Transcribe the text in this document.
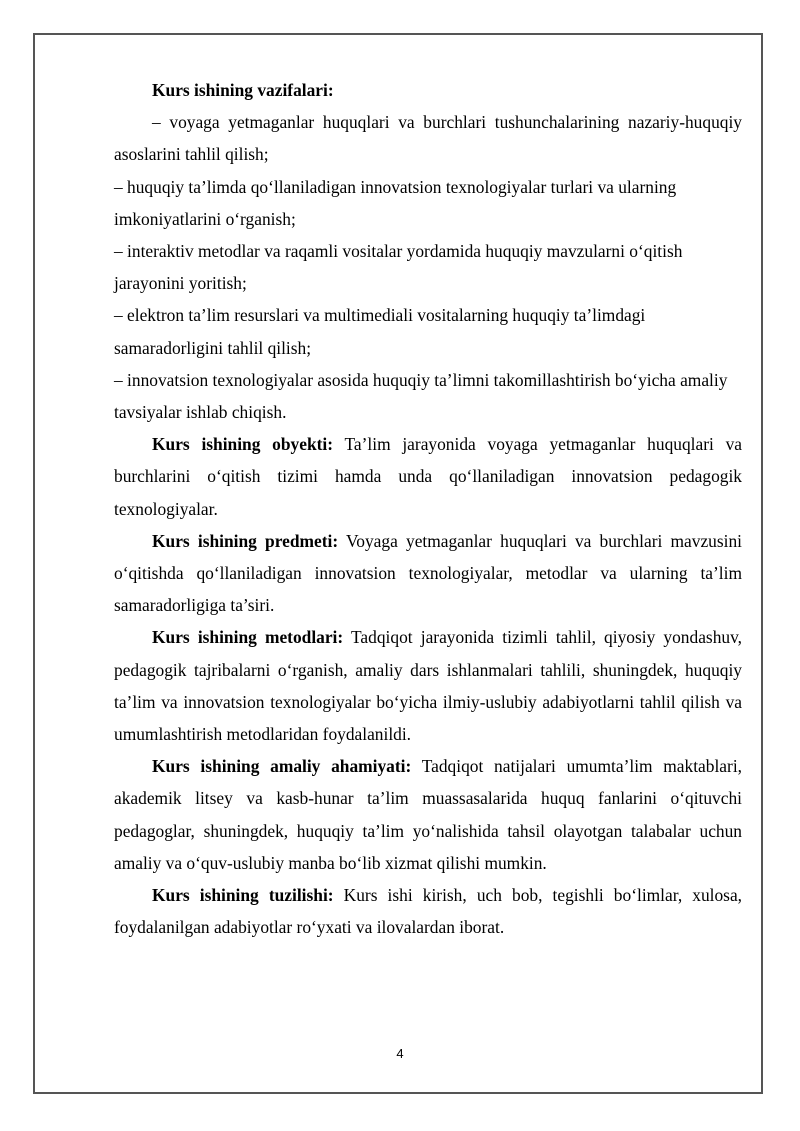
Kurs ishining vazifalari:

– voyaga yetmaganlar huquqlari va burchlari tushunchalarining nazariy-huquqiy asoslarini tahlil qilish;

– huquqiy ta’limda qo‘llaniladigan innovatsion texnologiyalar turlari va ularning imkoniyatlarini o‘rganish;

– interaktiv metodlar va raqamli vositalar yordamida huquqiy mavzularni o‘qitish jarayonini yoritish;

– elektron ta’lim resurslari va multimediali vositalarning huquqiy ta’limdagi samaradorligini tahlil qilish;

– innovatsion texnologiyalar asosida huquqiy ta’limni takomillashtirish bo‘yicha amaliy tavsiyalar ishlab chiqish.

Kurs ishining obyekti: Ta’lim jarayonida voyaga yetmaganlar huquqlari va burchlarini o‘qitish tizimi hamda unda qo‘llaniladigan innovatsion pedagogik texnologiyalar.

Kurs ishining predmeti: Voyaga yetmaganlar huquqlari va burchlari mavzusini o‘qitishda qo‘llaniladigan innovatsion texnologiyalar, metodlar va ularning ta’lim samaradorligiga ta’siri.

Kurs ishining metodlari: Tadqiqot jarayonida tizimli tahlil, qiyosiy yondashuv, pedagogik tajribalarni o‘rganish, amaliy dars ishlanmalari tahlili, shuningdek, huquqiy ta’lim va innovatsion texnologiyalar bo‘yicha ilmiy-uslubiy adabiyotlarni tahlil qilish va umumlashtirish metodlaridan foydalanildi.

Kurs ishining amaliy ahamiyati: Tadqiqot natijalari umumta’lim maktablari, akademik litsey va kasb-hunar ta’lim muassasalarida huquq fanlarini o‘qituvchi pedagoglar, shuningdek, huquqiy ta’lim yo‘nalishida tahsil olayotgan talabalar uchun amaliy va o‘quv-uslubiy manba bo‘lib xizmat qilishi mumkin.

Kurs ishining tuzilishi: Kurs ishi kirish, uch bob, tegishli bo‘limlar, xulosa, foydalanilgan adabiyotlar ro‘yxati va ilovalardan iborat.

4
